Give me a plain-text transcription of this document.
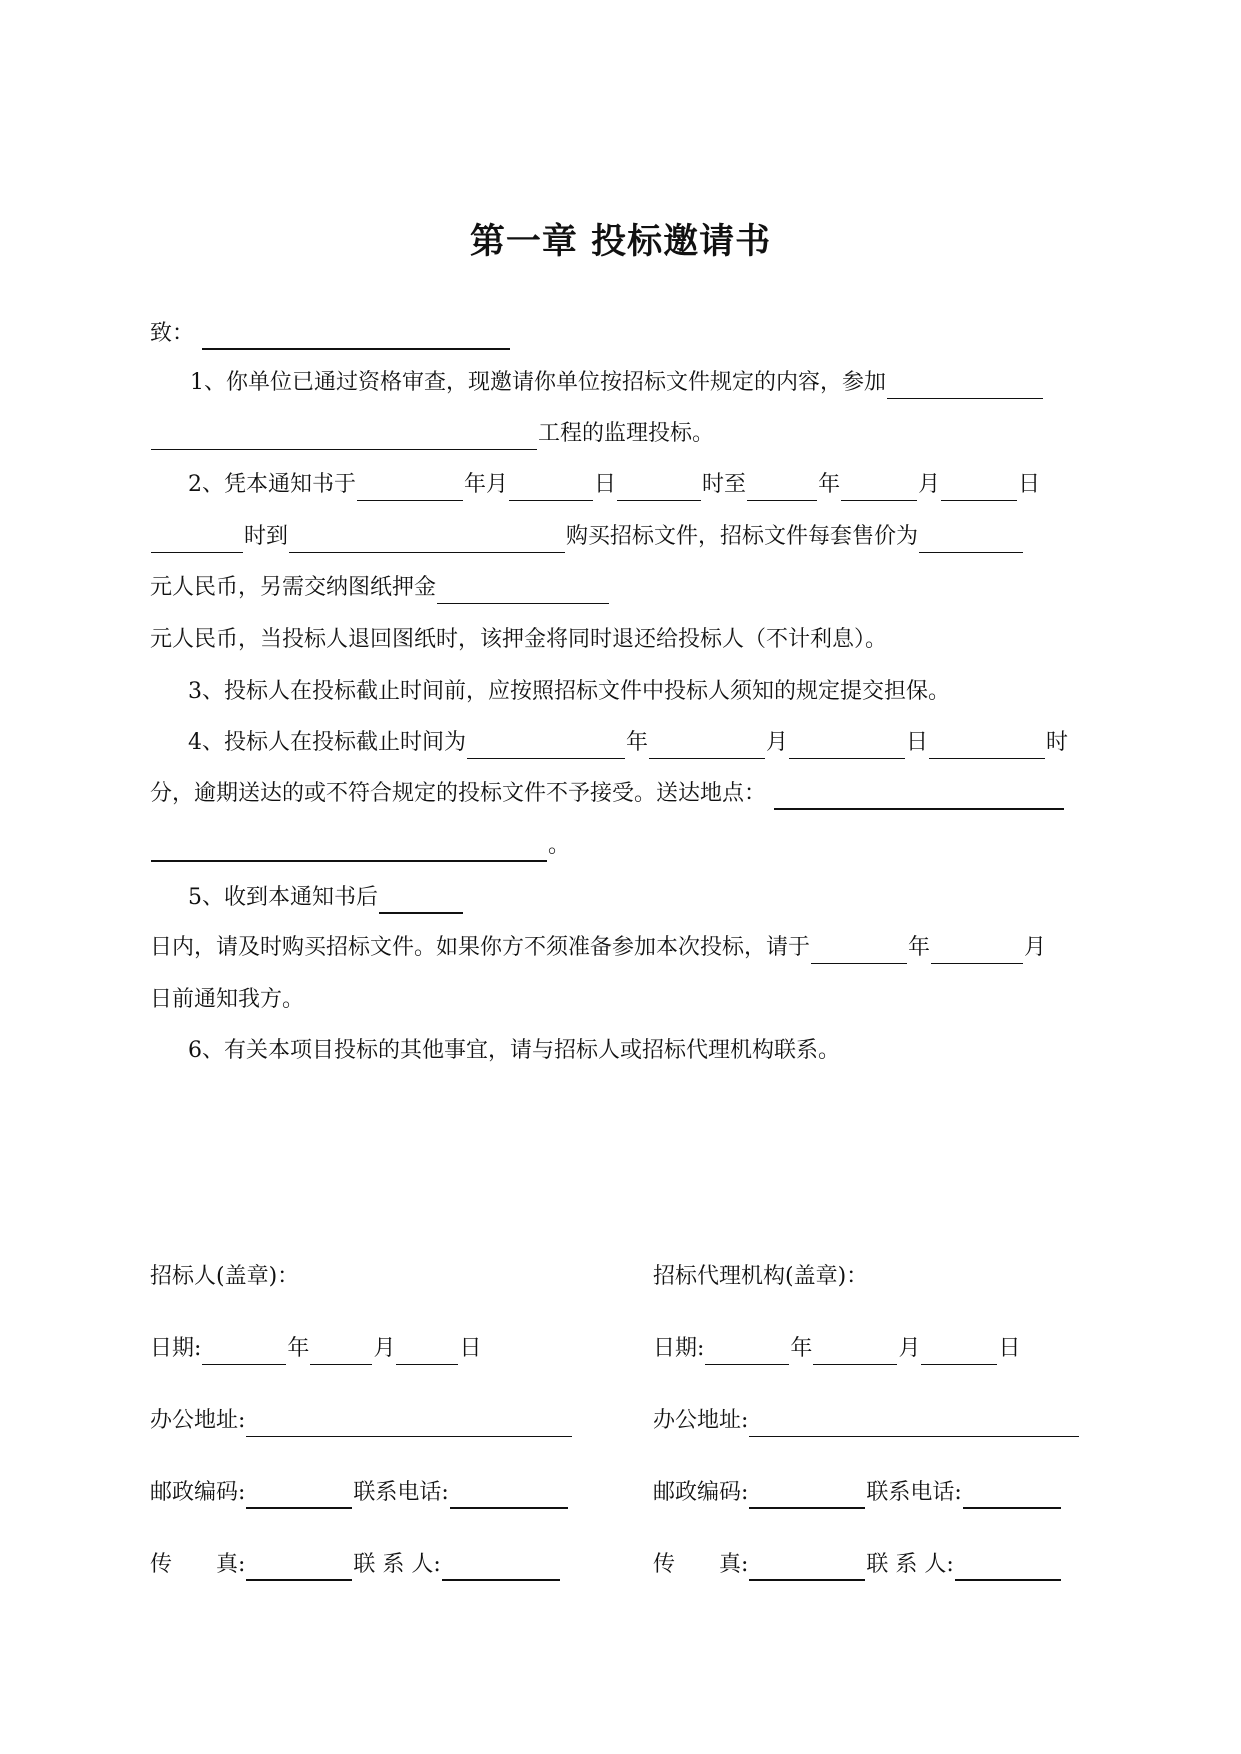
第一章 投标邀请书
致：
1、你单位已通过资格审查，现邀请你单位按招标文件规定的内容，参加
工程的监理投标。
2、凭本通知书于	年 月	日	时至	年	月	日
时到	购买招标文件，招标文件每套售价为
元人民币，另需交纳图纸押金
元人民币，当投标人退回图纸时，该押金将同时退还给投标人（不计利息）。
3、投标人在投标截止时间前，应按照招标文件中投标人须知的规定提交担保。
4、投标人在投标截止时间为	年	月	日	时
分，逾期送达的或不符合规定的投标文件不予接受。送达地点：
。
5、收到本通知书后
日内，请及时购买招标文件。如果你方不须准备参加本次投标，请于	年	月
日前通知我方。
6、有关本项目投标的其他事宜，请与招标人或招标代理机构联系。
招标人(盖章)：
日期:	年	月	日
办公地址:
邮政编码:	联系电话:
传　　真:	联 系 人:
招标代理机构(盖章)：
日期:	年	月	日
办公地址:
邮政编码:	联系电话:
传　　真:	联 系 人:
